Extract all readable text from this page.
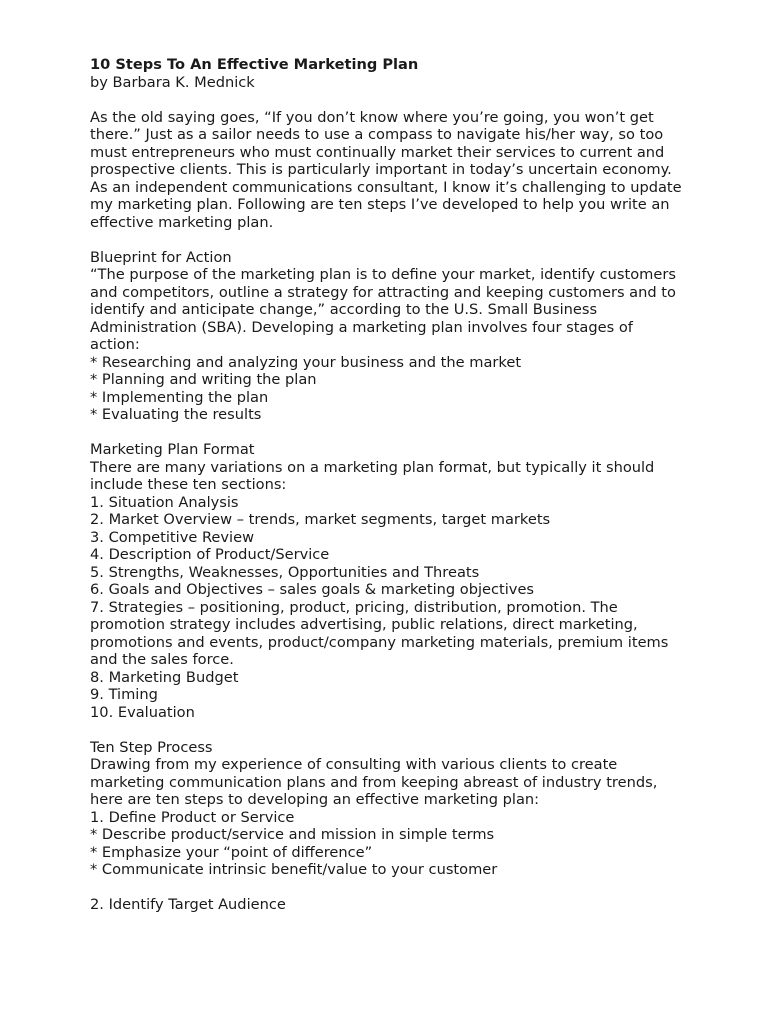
10 Steps To An Effective Marketing Plan
by Barbara K. Mednick
As the old saying goes, “If you don’t know where you’re going, you won’t get
there.” Just as a sailor needs to use a compass to navigate his/her way, so too
must entrepreneurs who must continually market their services to current and
prospective clients. This is particularly important in today’s uncertain economy.
As an independent communications consultant, I know it’s challenging to update
my marketing plan. Following are ten steps I’ve developed to help you write an
effective marketing plan.
Blueprint for Action
“The purpose of the marketing plan is to define your market, identify customers
and competitors, outline a strategy for attracting and keeping customers and to
identify and anticipate change,” according to the U.S. Small Business
Administration (SBA). Developing a marketing plan involves four stages of
action:
* Researching and analyzing your business and the market
* Planning and writing the plan
* Implementing the plan
* Evaluating the results
Marketing Plan Format
There are many variations on a marketing plan format, but typically it should
include these ten sections:
1. Situation Analysis
2. Market Overview – trends, market segments, target markets
3. Competitive Review
4. Description of Product/Service
5. Strengths, Weaknesses, Opportunities and Threats
6. Goals and Objectives – sales goals & marketing objectives
7. Strategies – positioning, product, pricing, distribution, promotion. The
promotion strategy includes advertising, public relations, direct marketing,
promotions and events, product/company marketing materials, premium items
and the sales force.
8. Marketing Budget
9. Timing
10. Evaluation
Ten Step Process
Drawing from my experience of consulting with various clients to create
marketing communication plans and from keeping abreast of industry trends,
here are ten steps to developing an effective marketing plan:
1. Define Product or Service
* Describe product/service and mission in simple terms
* Emphasize your “point of difference”
* Communicate intrinsic benefit/value to your customer
2. Identify Target Audience
